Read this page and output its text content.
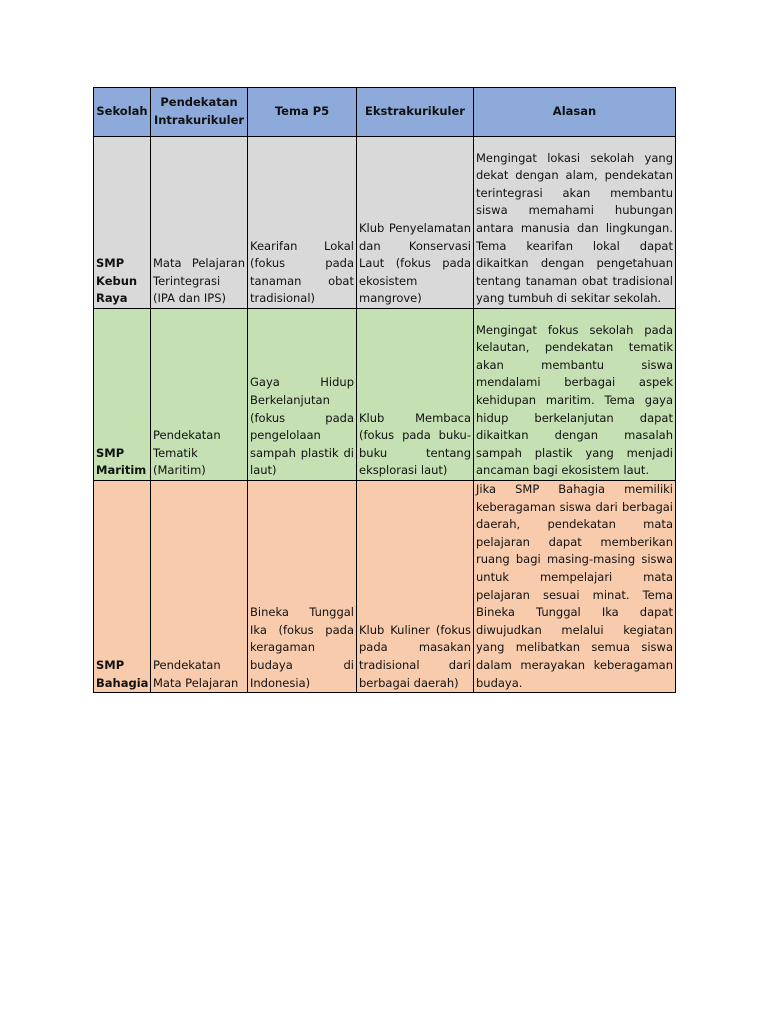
Sekolah	Pendekatan Intrakurikuler	Tema P5	Ekstrakurikuler	Alasan
SMP Kebun Raya	Mata Pelajaran Terintegrasi (IPA dan IPS)	Kearifan Lokal (fokus pada tanaman obat tradisional)	Klub Penyelamatan dan Konservasi Laut (fokus pada ekosistem mangrove)	Mengingat lokasi sekolah yang dekat dengan alam, pendekatan terintegrasi akan membantu siswa memahami hubungan antara manusia dan lingkungan. Tema kearifan lokal dapat dikaitkan dengan pengetahuan tentang tanaman obat tradisional yang tumbuh di sekitar sekolah.
SMP Maritim	Pendekatan Tematik (Maritim)	Gaya Hidup Berkelanjutan (fokus pada pengelolaan sampah plastik di laut)	Klub Membaca (fokus pada buku-buku tentang eksplorasi laut)	Mengingat fokus sekolah pada kelautan, pendekatan tematik akan membantu siswa mendalami berbagai aspek kehidupan maritim. Tema gaya hidup berkelanjutan dapat dikaitkan dengan masalah sampah plastik yang menjadi ancaman bagi ekosistem laut.
SMP Bahagia	Pendekatan Mata Pelajaran	Bineka Tunggal Ika (fokus pada keragaman budaya di Indonesia)	Klub Kuliner (fokus pada masakan tradisional dari berbagai daerah)	Jika SMP Bahagia memiliki keberagaman siswa dari berbagai daerah, pendekatan mata pelajaran dapat memberikan ruang bagi masing-masing siswa untuk mempelajari mata pelajaran sesuai minat. Tema Bineka Tunggal Ika dapat diwujudkan melalui kegiatan yang melibatkan semua siswa dalam merayakan keberagaman budaya.
